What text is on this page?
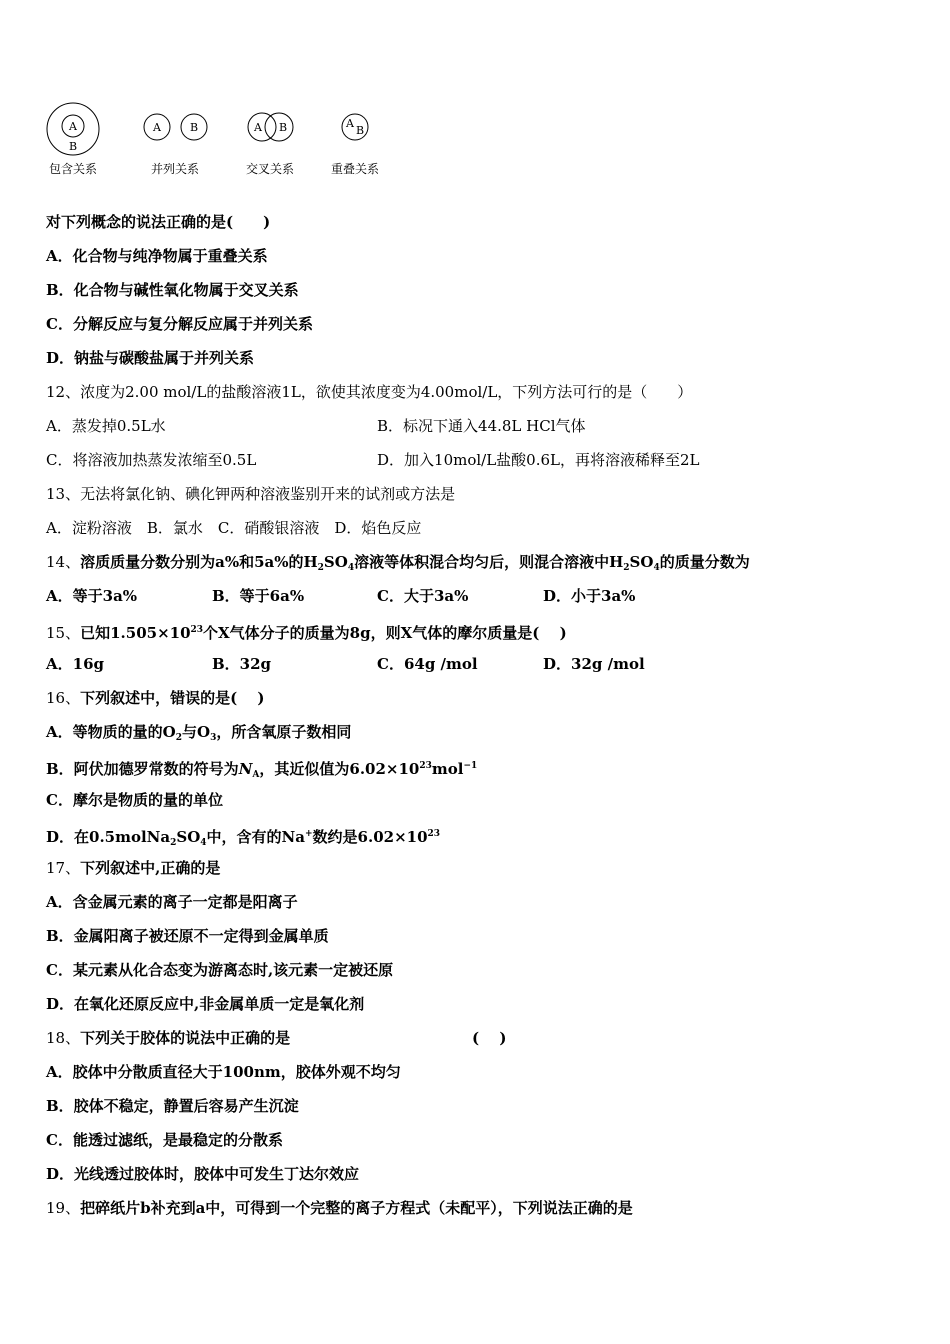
A
B
包含关系
A	B
并列关系
A B
交叉关系
A
B
重叠关系
对下列概念的说法正确的是(　　)
A．化合物与纯净物属于重叠关系
B．化合物与碱性氧化物属于交叉关系
C．分解反应与复分解反应属于并列关系
D．钠盐与碳酸盐属于并列关系
12、浓度为2.00 mol/L的盐酸溶液1L，欲使其浓度变为4.00mol/L，下列方法可行的是（　　）
A．蒸发掉0.5L水	B．标况下通入44.8L HCl气体
C．将溶液加热蒸发浓缩至0.5L	D．加入10mol/L盐酸0.6L，再将溶液稀释至2L
13、无法将氯化钠、碘化钾两种溶液鉴别开来的试剂或方法是
A．淀粉溶液　B．氯水　C．硝酸银溶液　D．焰色反应
14、溶质质量分数分别为a%和5a%的$H_2SO_4$溶液等体积混合均匀后，则混合溶液中$H_2SO_4$的质量分数为
A．等于3a%	B．等于6a%	C．大于3a%	D．小于3a%
15、已知$1.505\times 10^{23}$个X气体分子的质量为8g，则X气体的摩尔质量是(　 )
A．16g	B．32g	C．64g /mol	D．32g /mol
16、下列叙述中，错误的是(　 )
A．等物质的量的$O_2$与$O_3$，所含氧原子数相同
B．阿伏加德罗常数的符号为$N_A$，其近似值为$6.02\times 10^{23}mol^{-1}$
C．摩尔是物质的量的单位
D．在$0.5molNa_2SO_4$中，含有的Na+数约是$6.02\times 10^{23}$
17、下列叙述中,正确的是
A．含金属元素的离子一定都是阳离子
B．金属阳离子被还原不一定得到金属单质
C．某元素从化合态变为游离态时,该元素一定被还原
D．在氧化还原反应中,非金属单质一定是氧化剂
18、下列关于胶体的说法中正确的是	(　 )
A．胶体中分散质直径大于100nm，胶体外观不均匀
B．胶体不稳定，静置后容易产生沉淀
C．能透过滤纸，是最稳定的分散系
D．光线透过胶体时，胶体中可发生丁达尔效应
19、把碎纸片b补充到a中，可得到一个完整的离子方程式（未配平），下列说法正确的是
